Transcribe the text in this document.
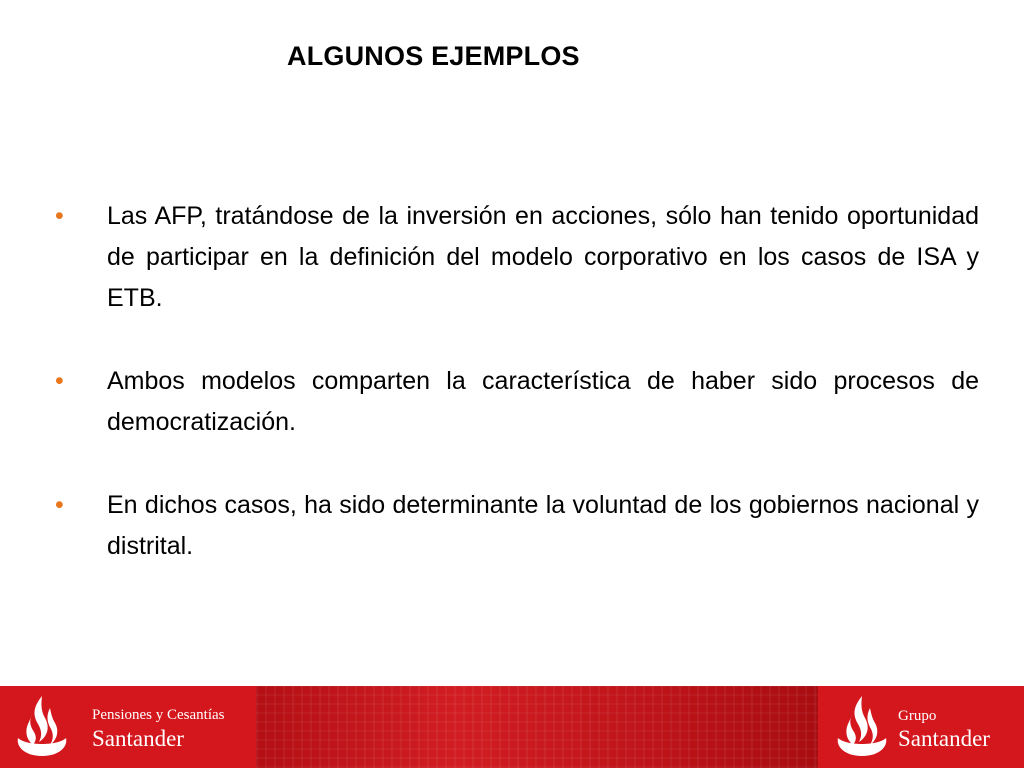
ALGUNOS EJEMPLOS
• Las AFP, tratándose de la inversión en acciones, sólo han tenido oportunidad de participar en la definición del modelo corporativo en los casos de ISA y ETB.
• Ambos modelos comparten la característica de haber sido procesos de democratización.
• En dichos casos, ha sido determinante la voluntad de los gobiernos nacional y distrital.
Pensiones y Cesantías
Santander
Grupo
Santander
